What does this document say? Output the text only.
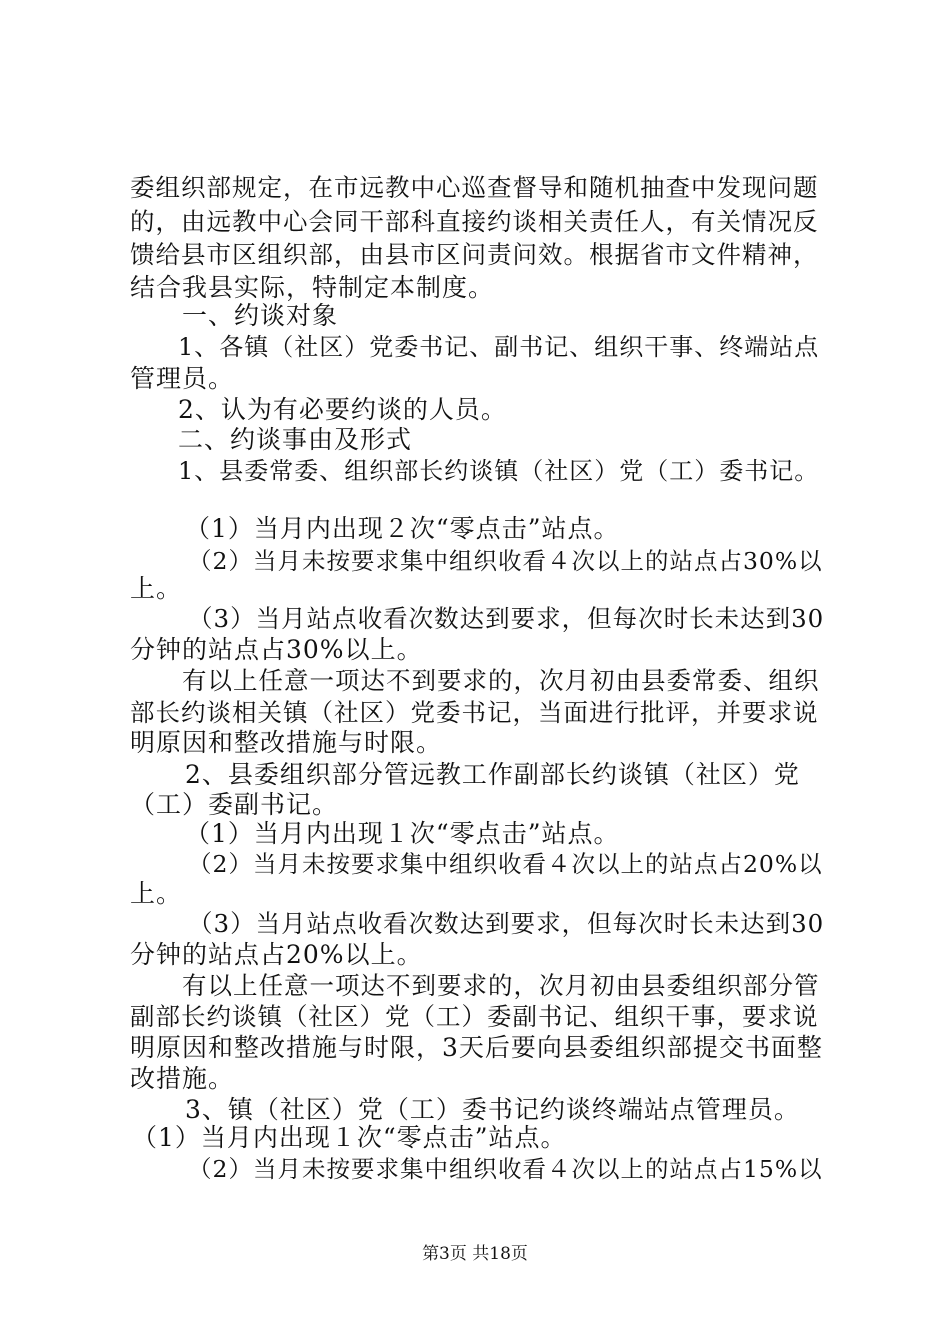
委组织部规定，在市远教中心巡查督导和随机抽查中发现问题
的，由远教中心会同干部科直接约谈相关责任人，有关情况反
馈给县市区组织部，由县市区问责问效。根据省市文件精神，
结合我县实际，特制定本制度。
一、约谈对象
1、各镇（社区）党委书记、副书记、组织干事、终端站点
管理员。
2、认为有必要约谈的人员。
二、约谈事由及形式
1、县委常委、组织部长约谈镇（社区）党（工）委书记。
（1）当月内出现２次“零点击”站点。
（2）当月未按要求集中组织收看４次以上的站点占30%以
上。
（3）当月站点收看次数达到要求，但每次时长未达到30
分钟的站点占30%以上。
有以上任意一项达不到要求的，次月初由县委常委、组织
部长约谈相关镇（社区）党委书记，当面进行批评，并要求说
明原因和整改措施与时限。
2、县委组织部分管远教工作副部长约谈镇（社区）党
（工）委副书记。
（1）当月内出现１次“零点击”站点。
（2）当月未按要求集中组织收看４次以上的站点占20%以
上。
（3）当月站点收看次数达到要求，但每次时长未达到30
分钟的站点占20%以上。
有以上任意一项达不到要求的，次月初由县委组织部分管
副部长约谈镇（社区）党（工）委副书记、组织干事，要求说
明原因和整改措施与时限，3天后要向县委组织部提交书面整
改措施。
3、镇（社区）党（工）委书记约谈终端站点管理员。
（1）当月内出现１次“零点击”站点。
（2）当月未按要求集中组织收看４次以上的站点占15%以
第3页 共18页
